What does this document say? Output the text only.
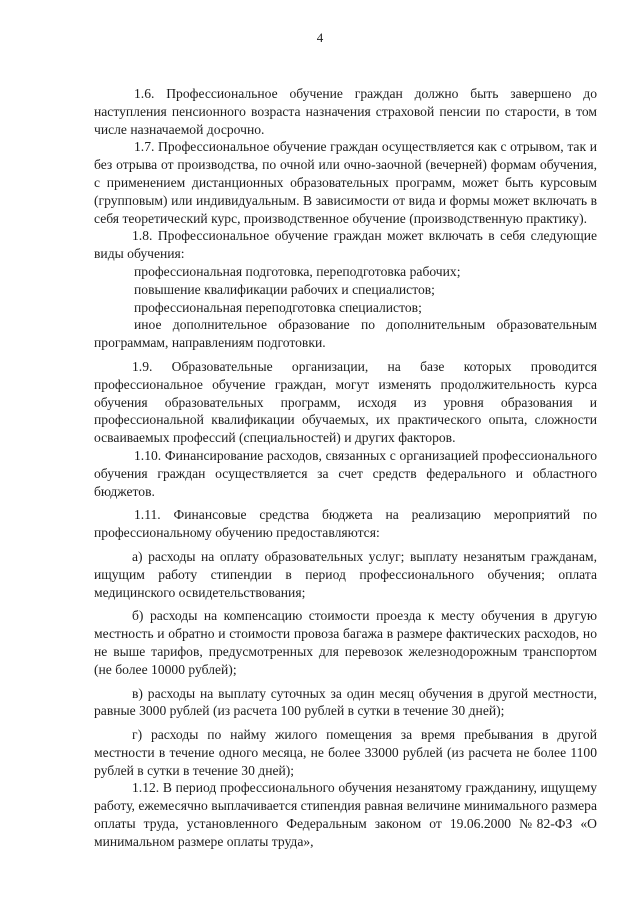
4

1.6. Профессиональное обучение граждан должно быть завершено до наступления пенсионного возраста назначения страховой пенсии по старости, в том числе назначаемой досрочно.

1.7. Профессиональное обучение граждан осуществляется как с отрывом, так и без отрыва от производства, по очной или очно-заочной (вечерней) формам обучения, с применением дистанционных образовательных программ, может быть курсовым (групповым) или индивидуальным. В зависимости от вида и формы может включать в себя теоретический курс, производственное обучение (производственную практику).

1.8. Профессиональное обучение граждан может включать в себя следующие виды обучения:

профессиональная подготовка, переподготовка рабочих;

повышение квалификации рабочих и специалистов;

профессиональная переподготовка специалистов;

иное дополнительное образование по дополнительным образовательным программам, направлениям подготовки.

1.9. Образовательные организации, на базе которых проводится профессиональное обучение граждан, могут изменять продолжительность курса обучения образовательных программ, исходя из уровня образования и профессиональной квалификации обучаемых, их практического опыта, сложности осваиваемых профессий (специальностей) и других факторов.

1.10. Финансирование расходов, связанных с организацией профессионального обучения граждан осуществляется за счет средств федерального и областного бюджетов.

1.11. Финансовые средства бюджета на реализацию мероприятий по профессиональному обучению предоставляются:

а) расходы на оплату образовательных услуг; выплату незанятым гражданам, ищущим работу стипендии в период профессионального обучения; оплата медицинского освидетельствования;

б) расходы на компенсацию стоимости проезда к месту обучения в другую местность и обратно и стоимости провоза багажа в размере фактических расходов, но не выше тарифов, предусмотренных для перевозок железнодорожным транспортом (не более 10000 рублей);

в) расходы на выплату суточных за один месяц обучения в другой местности, равные 3000 рублей (из расчета 100 рублей в сутки в течение 30 дней);

г) расходы по найму жилого помещения за время пребывания в другой местности в течение одного месяца, не более 33000 рублей (из расчета не более 1100 рублей в сутки в течение 30 дней);

1.12. В период профессионального обучения незанятому гражданину, ищущему работу, ежемесячно выплачивается стипендия равная величине минимального размера оплаты труда, установленного Федеральным законом от 19.06.2000 №82-ФЗ «О минимальном размере оплаты труда»,
